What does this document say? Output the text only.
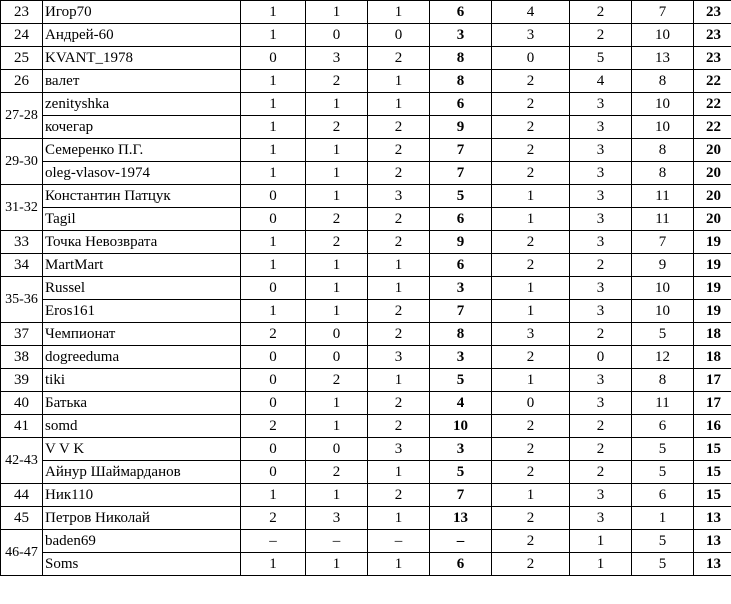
23	Игор70	1	1	1	6	4	2	7	23
24	Андрей-60	1	0	0	3	3	2	10	23
25	KVANT_1978	0	3	2	8	0	5	13	23
26	валет	1	2	1	8	2	4	8	22
27-28	zenityshka	1	1	1	6	2	3	10	22
	кочегар	1	2	2	9	2	3	10	22
29-30	Семеренко П.Г.	1	1	2	7	2	3	8	20
	oleg-vlasov-1974	1	1	2	7	2	3	8	20
31-32	Константин Патцук	0	1	3	5	1	3	11	20
	Tagil	0	2	2	6	1	3	11	20
33	Точка Невозврата	1	2	2	9	2	3	7	19
34	MartMart	1	1	1	6	2	2	9	19
35-36	Russel	0	1	1	3	1	3	10	19
	Eros161	1	1	2	7	1	3	10	19
37	Чемпионат	2	0	2	8	3	2	5	18
38	dogreeduma	0	0	3	3	2	0	12	18
39	tiki	0	2	1	5	1	3	8	17
40	Батька	0	1	2	4	0	3	11	17
41	somd	2	1	2	10	2	2	6	16
42-43	V V K	0	0	3	3	2	2	5	15
	Айнур Шаймарданов	0	2	1	5	2	2	5	15
44	Ник110	1	1	2	7	1	3	6	15
45	Петров Николай	2	3	1	13	2	3	1	13
46-47	baden69	–	–	–	–	2	1	5	13
	Soms	1	1	1	6	2	1	5	13
